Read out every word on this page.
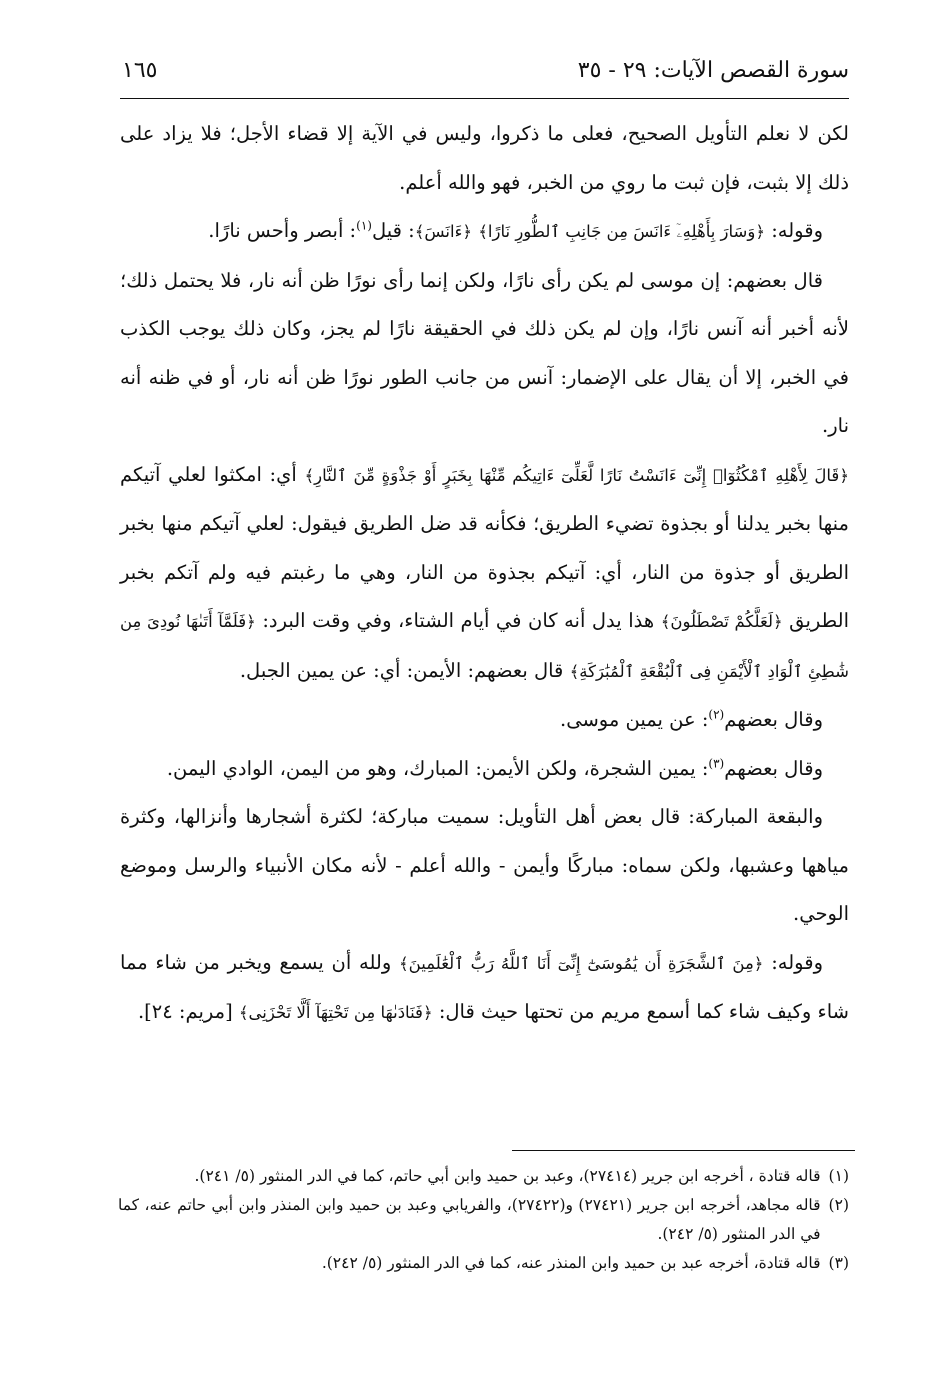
سورة القصص الآيات: ٢٩ - ٣٥
١٦٥

لكن لا نعلم التأويل الصحيح، فعلى ما ذكروا، وليس في الآية إلا قضاء الأجل؛ فلا يزاد على ذلك إلا بثبت، فإن ثبت ما روي من الخبر، فهو والله أعلم.

وقوله: ﴿وَسَارَ بِأَهْلِهِۦٓ ءَانَسَ مِن جَانِبِ ٱلطُّورِ نَارًا﴾ ﴿ءَانَسَ﴾: قيل$^{(١)}$: أبصر وأحس نارًا.

قال بعضهم: إن موسى لم يكن رأى نارًا، ولكن إنما رأى نورًا ظن أنه نار، فلا يحتمل ذلك؛ لأنه أخبر أنه آنس نارًا، وإن لم يكن ذلك في الحقيقة نارًا لم يجز، وكان ذلك يوجب الكذب في الخبر، إلا أن يقال على الإضمار: آنس من جانب الطور نورًا ظن أنه نار، أو في ظنه أنه نار.

﴿قَالَ لِأَهْلِهِ ٱمْكُثُوٓا۟ إِنِّىٓ ءَانَسْتُ نَارًا لَّعَلِّىٓ ءَاتِيكُم مِّنْهَا بِخَبَرٍ أَوْ جَذْوَةٍ مِّنَ ٱلنَّارِ﴾ أي: امكثوا لعلي آتيكم منها بخبر يدلنا أو بجذوة تضيء الطريق؛ فكأنه قد ضل الطريق فيقول: لعلي آتيكم منها بخبر الطريق أو جذوة من النار، أي: آتيكم بجذوة من النار، وهي ما رغبتم فيه ولم آتكم بخبر الطريق ﴿لَعَلَّكُمْ تَصْطَلُونَ﴾ هذا يدل أنه كان في أيام الشتاء، وفي وقت البرد: ﴿فَلَمَّآ أَتَىٰهَا نُودِىَ مِن شَٰطِئِ ٱلْوَادِ ٱلْأَيْمَنِ فِى ٱلْبُقْعَةِ ٱلْمُبَٰرَكَةِ﴾ قال بعضهم: الأيمن: أي: عن يمين الجبل.

وقال بعضهم$^{(٢)}$: عن يمين موسى.

وقال بعضهم$^{(٣)}$: يمين الشجرة، ولكن الأيمن: المبارك، وهو من اليمن، الوادي اليمن.

والبقعة المباركة: قال بعض أهل التأويل: سميت مباركة؛ لكثرة أشجارها وأنزالها، وكثرة مياهها وعشبها، ولكن سماه: مباركًا وأيمن - والله أعلم - لأنه مكان الأنبياء والرسل وموضع الوحي.

وقوله: ﴿مِنَ ٱلشَّجَرَةِ أَن يَٰمُوسَىٰٓ إِنِّىٓ أَنَا ٱللَّهُ رَبُّ ٱلْعَٰلَمِينَ﴾ ولله أن يسمع ويخبر من شاء مما شاء وكيف شاء كما أسمع مريم من تحتها حيث قال: ﴿فَنَادَىٰهَا مِن تَحْتِهَآ أَلَّا تَحْزَنِى﴾ [مريم: ٢٤].

(١)
قاله قتادة ، أخرجه ابن جرير (٢٧٤١٤)، وعبد بن حميد وابن أبي حاتم، كما في الدر المنثور (٥/ ٢٤١).
(٢)
قاله مجاهد، أخرجه ابن جرير (٢٧٤٢١) و(٢٧٤٢٢)، والفريابي وعبد بن حميد وابن المنذر وابن أبي حاتم عنه، كما في الدر المنثور (٥/ ٢٤٢).
(٣)
قاله قتادة، أخرجه عبد بن حميد وابن المنذر عنه، كما في الدر المنثور (٥/ ٢٤٢).
